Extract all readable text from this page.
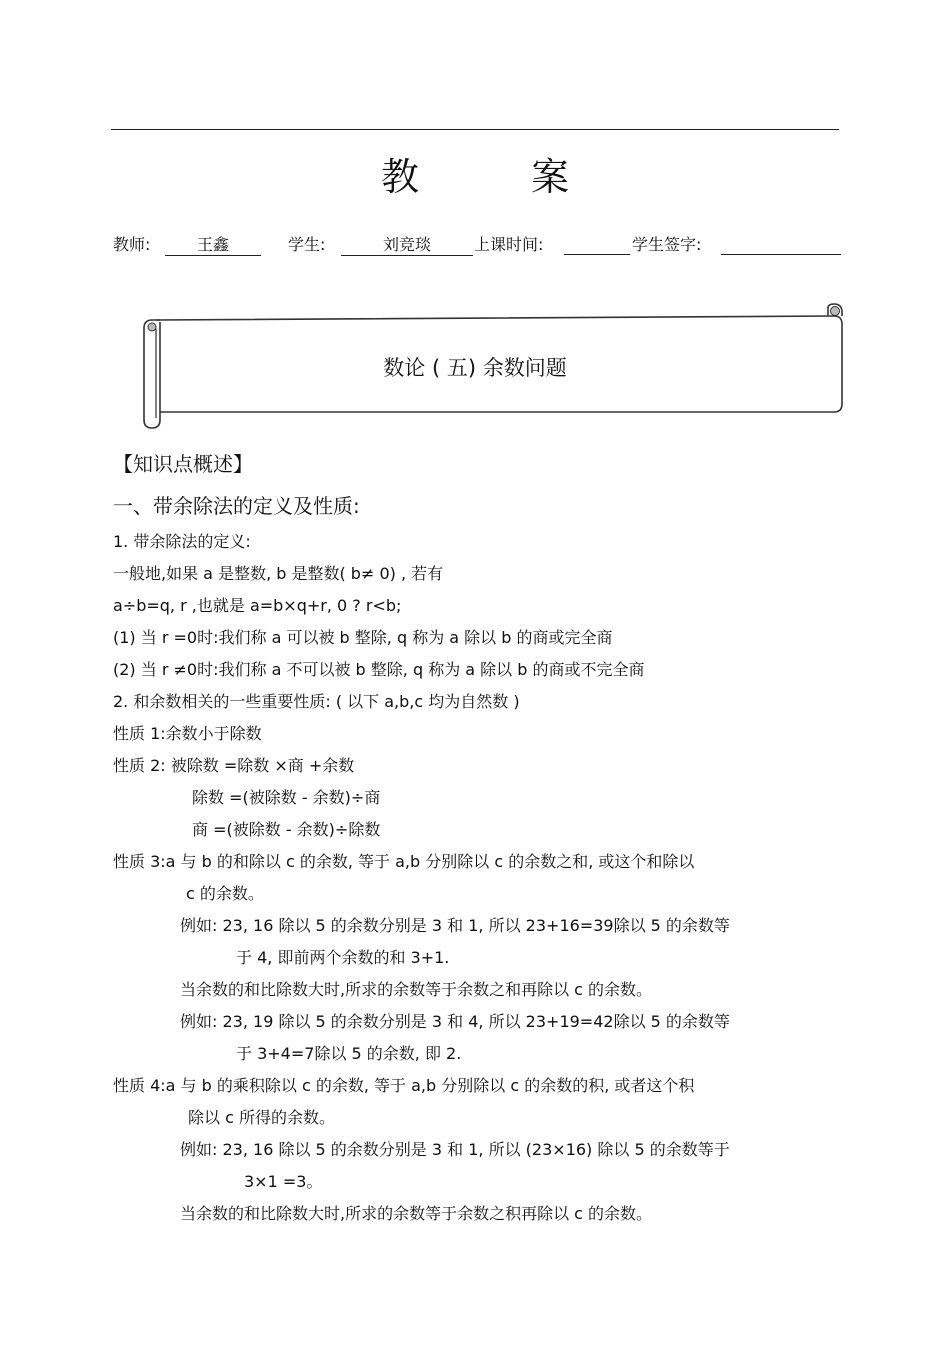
教 案
教师:	王鑫	学生:	刘竞琰	上课时间:	学生签字:
数论 ( 五) 余数问题
【知识点概述】
一、带余除法的定义及性质:
1. 带余除法的定义:
一般地,如果 a 是整数, b 是整数( b≠ 0) , 若有
a÷b=q, r ,也就是 a=b×q+r, 0 ? r<b;
(1) 当 r =0时:我们称 a 可以被 b 整除, q 称为 a 除以 b 的商或完全商
(2) 当 r ≠0时:我们称 a 不可以被 b 整除, q 称为 a 除以 b 的商或不完全商
2. 和余数相关的一些重要性质: ( 以下 a,b,c 均为自然数 )
性质 1:余数小于除数
性质 2: 被除数 =除数 ×商 +余数
除数 =(被除数 - 余数)÷商
商 =(被除数 - 余数)÷除数
性质 3:a 与 b 的和除以 c 的余数, 等于 a,b 分别除以 c 的余数之和, 或这个和除以
c 的余数。
例如: 23, 16 除以 5 的余数分别是 3 和 1, 所以 23+16=39除以 5 的余数等
于 4, 即前两个余数的和 3+1.
当余数的和比除数大时,所求的余数等于余数之和再除以 c 的余数。
例如: 23, 19 除以 5 的余数分别是 3 和 4, 所以 23+19=42除以 5 的余数等
于 3+4=7除以 5 的余数, 即 2.
性质 4:a 与 b 的乘积除以 c 的余数, 等于 a,b 分别除以 c 的余数的积, 或者这个积
除以 c 所得的余数。
例如: 23, 16 除以 5 的余数分别是 3 和 1, 所以 (23×16) 除以 5 的余数等于
3×1 =3。
当余数的和比除数大时,所求的余数等于余数之积再除以 c 的余数。
